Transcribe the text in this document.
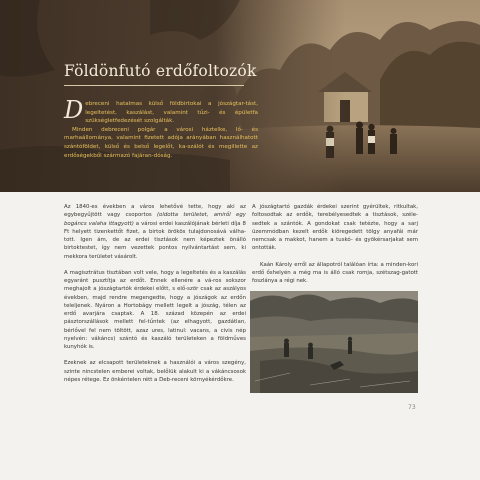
Földönfutó erdőfoltozók

Debreceni hatalmas külső földbirtokai a jószágtar-tást, legeltetést, kaszálást, valamint tűzi- és épületfa szükségletfedezését szolgálták.

Minden debreceni polgár a városi háztelke, lő- és marhaállománya, valamint fizetett adója arányában használhatott szántóföldet, külső és belső legelőt, ka-szálót és megillette az erdőségekből származó fajáran-dóság.

Az 1840-es években a város lehetővé tette, hogy aki az egybegyűjtött vagy csoportos (oldotta területet, amiről egy bogáncs valaha ittagyott) a városi erdei kaszálójának bérleti díja 8 Ft helyett tizenkettőt fizet, a birtok örökös tulajdonosává válha-tott. Igen ám, de az erdei tisztások nem képeztek önálló birtoktestet, így nem vezettek pontos nyilvántartást sem, ki mekkora területet vásárolt.

A magisztrátus tisztában volt vele, hogy a legeltetés és a kaszálás egyaránt pusztítja az erdőt. Ennek ellenére a vá-ros sokszor meghajolt a jószágtartók érdekei előtt, s elő-ször csak az aszályos években, majd rendre megengedte, hogy a jószágok az erdőn teleljenek. Nyáron a Hortobágy mellett legelt a jószág, télen az erdő avarjára csaptak. A 18. század közepén az erdei pásztorszállások mellett fel-tűntek (az elhagyott, gazdátlan, bérlővel fel nem töltött, azaz ures, latinul: vacans, a civis nép nyelvén: vákáncs) szántó és kaszáló területeken a földműves kunyhók is.

Ezeknek az elcsapott területeknek a használói a város szegény, szinte nincstelen emberei voltak, belőlük alakult ki a vákáncsosok népes rétege. Ez önkéntelen rétt a Deb-receni környékérdőkre.

A jószágtartó gazdák érdekei szerint gyérültek, ritkultak, foltosodtak az erdők, terebélyesedtek a tisztások, széle-sedtek a szántók. A gondokat csak tetézte, hogy a sarj üzemmódban kezelt erdők kiöregedett tölgy anyafái már nemcsak a makkot, hanem a tuskó- és gyökérsarjakat sem ontották.

Kaán Károly erről az állapotról találóan írta: a minden-kori erdő őshelyén a még ma is álló csak romja, szétszag-gatott foszlánya a régi nek.

73
